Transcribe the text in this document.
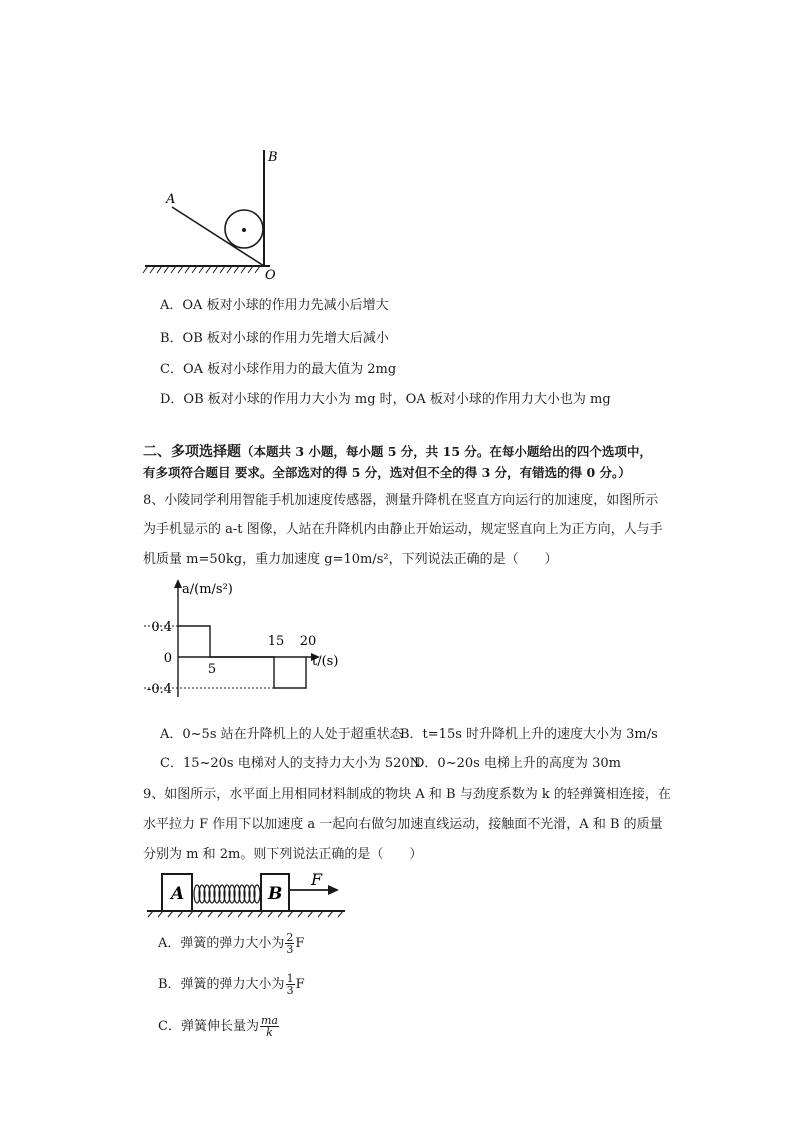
A
B
O
A．OA 板对小球的作用力先减小后增大
B．OB 板对小球的作用力先增大后减小
C．OA 板对小球作用力的最大值为 2mg
D．OB 板对小球的作用力大小为 mg 时，OA 板对小球的作用力大小也为 mg
二、多项选择题（本题共 3 小题，每小题 5 分，共 15 分。在每小题给出的四个选项中，
有多项符合题目 要求。全部选对的得 5 分，选对但不全的得 3 分，有错选的得 0 分。）
8、小陵同学利用智能手机加速度传感器，测量升降机在竖直方向运行的加速度，如图所示
为手机显示的 a-t 图像，人站在升降机内由静止开始运动，规定竖直向上为正方向，人与手
机质量 m=50kg，重力加速度 g=10m/s²，下列说法正确的是（　　）
0.4
0
-0.4
5
15 20
a/(m/s²)
t/(s)
A．0~5s 站在升降机上的人处于超重状态
B．t=15s 时升降机上升的速度大小为 3m/s
C．15~20s 电梯对人的支持力大小为 520N
D．0~20s 电梯上升的高度为 30m
9、如图所示，水平面上用相同材料制成的物块 A 和 B 与劲度系数为 k 的轻弹簧相连接，在
水平拉力 F 作用下以加速度 a 一起向右做匀加速直线运动，接触面不光滑，A 和 B 的质量
分别为 m 和 2m。则下列说法正确的是（　　）
A	B
F
A．弹簧的弹力大小为 $\frac{2}{3}$ F
B．弹簧的弹力大小为 $\frac{1}{3}$ F
C．弹簧伸长量为 $\frac{ma}{k}$
